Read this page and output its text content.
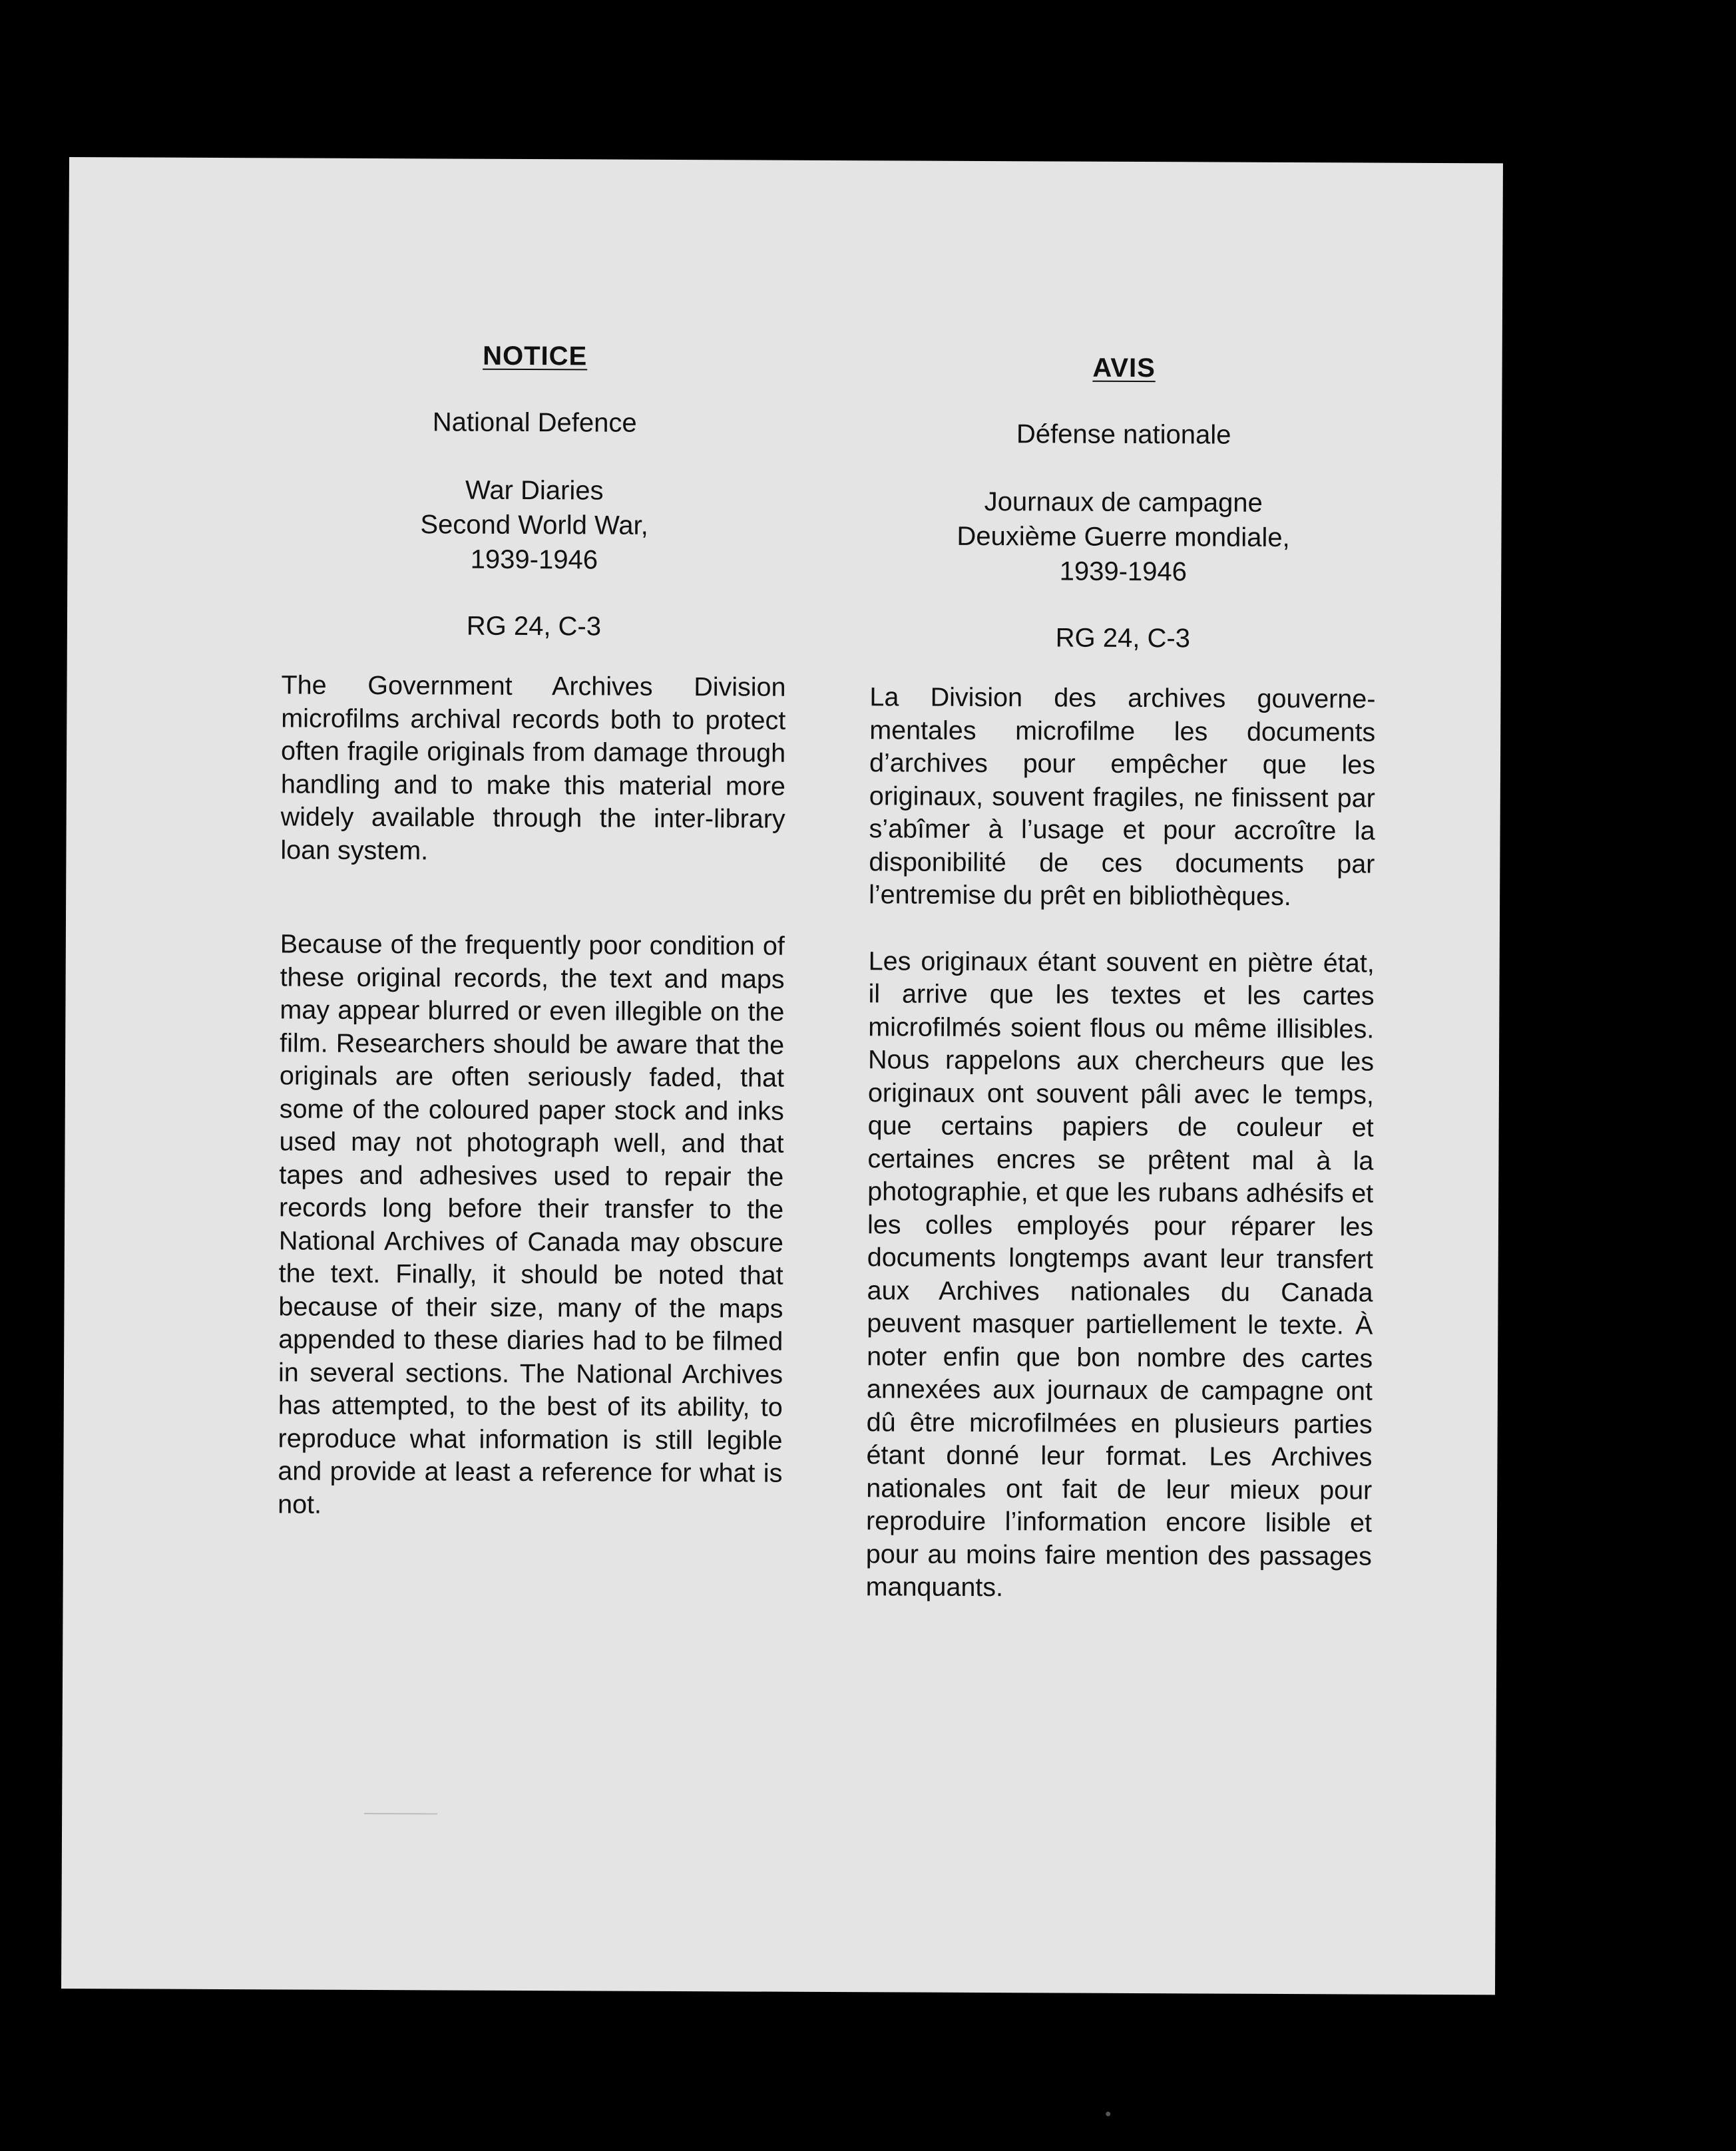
NOTICE

National Defence

War Diaries
Second World War,
1939-1946

RG 24, C-3

The Government Archives Division microfilms archival records both to protect often fragile originals from damage through handling and to make this material more widely available through the inter-library loan system.

Because of the frequently poor condition of these original records, the text and maps may appear blurred or even illegible on the film. Researchers should be aware that the originals are often seriously faded, that some of the coloured paper stock and inks used may not photograph well, and that tapes and adhesives used to repair the records long before their transfer to the National Archives of Canada may obscure the text. Finally, it should be noted that because of their size, many of the maps appended to these diaries had to be filmed in several sections. The National Archives has attempted, to the best of its ability, to reproduce what information is still legible and provide at least a reference for what is not.

AVIS

Défense nationale

Journaux de campagne
Deuxième Guerre mondiale,
1939-1946

RG 24, C-3

La Division des archives gouvernementales microfilme les documents d’archives pour empêcher que les originaux, souvent fragiles, ne finissent par s’abîmer à l’usage et pour accroître la disponibilité de ces documents par l’entremise du prêt en bibliothèques.

Les originaux étant souvent en piètre état, il arrive que les textes et les cartes microfilmés soient flous ou même illisibles. Nous rappelons aux chercheurs que les originaux ont souvent pâli avec le temps, que certains papiers de couleur et certaines encres se prêtent mal à la photographie, et que les rubans adhésifs et les colles employés pour réparer les documents longtemps avant leur transfert aux Archives nationales du Canada peuvent masquer partiellement le texte. À noter enfin que bon nombre des cartes annexées aux journaux de campagne ont dû être microfilmées en plusieurs parties étant donné leur format. Les Archives nationales ont fait de leur mieux pour reproduire l’information encore lisible et pour au moins faire mention des passages manquants.
